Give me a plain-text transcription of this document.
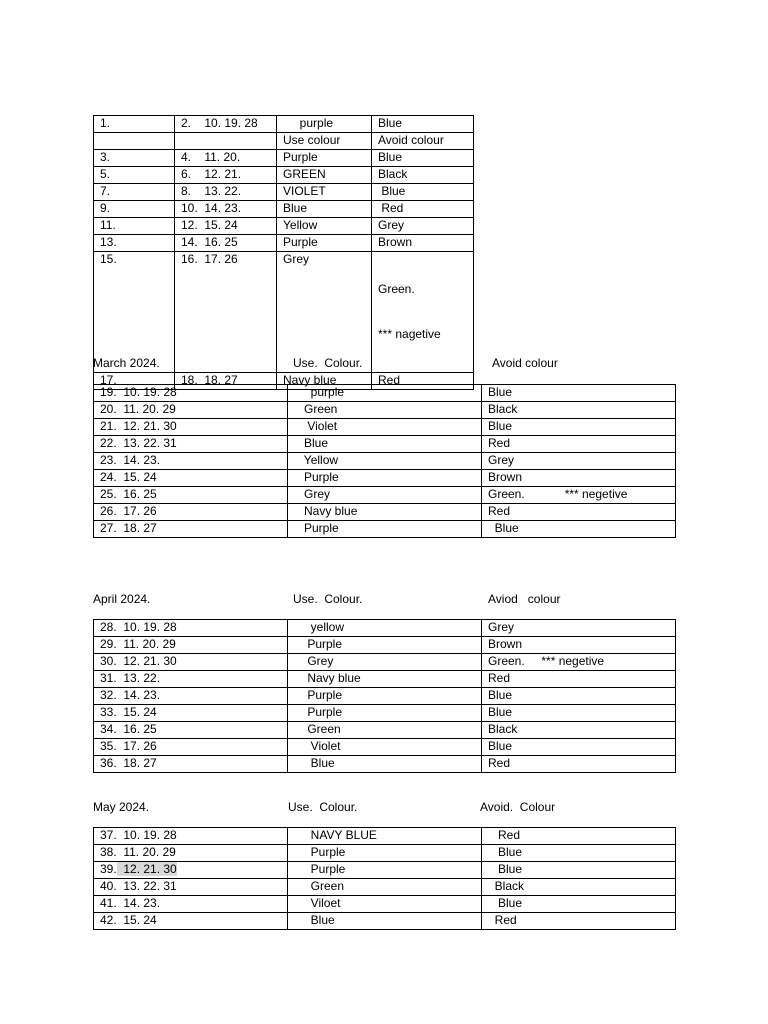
1.	2.    10. 19. 28	purple	Blue
		Use colour	Avoid colour
3.	4.    11. 20.	Purple	Blue
5.	6.    12. 21.	GREEN	Black
7.	8.    13. 22.	VIOLET	Blue
9.	10.  14. 23.	Blue	Red
11.	12.  15. 24	Yellow	Grey
13.	14.  16. 25	Purple	Brown
15.	16.  17. 26	Grey	Green.

*** nagetive

17.	18.  18. 27	Navy blue	Red
March 2024.	Use.  Colour.	Avoid colour
19.  10. 19. 28	purple	Blue
20.  11. 20. 29	Green	Black
21.  12. 21. 30	Violet	Blue
22.  13. 22. 31	Blue	Red
23.  14. 23.	Yellow	Grey
24.  15. 24	Purple	Brown
25.  16. 25	Grey	Green.            *** negetive
26.  17. 26	Navy blue	Red
27.  18. 27	Purple	Blue
April 2024.	Use.  Colour.	Aviod   colour
28.  10. 19. 28	yellow	Grey
29.  11. 20. 29	Purple	Brown
30.  12. 21. 30	Grey	Green.     *** negetive
31.  13. 22.	Navy blue	Red
32.  14. 23.	Purple	Blue
33.  15. 24	Purple	Blue
34.  16. 25	Green	Black
35.  17. 26	Violet	Blue
36.  18. 27	Blue	Red
May 2024.	Use.  Colour.	Avoid.  Colour
37.  10. 19. 28	NAVY BLUE	Red
38.  11. 20. 29	Purple	Blue
39.  12. 21. 30	Purple	Blue
40.  13. 22. 31	Green	Black
41.  14. 23.	Viloet	Blue
42.  15. 24	Blue	Red
